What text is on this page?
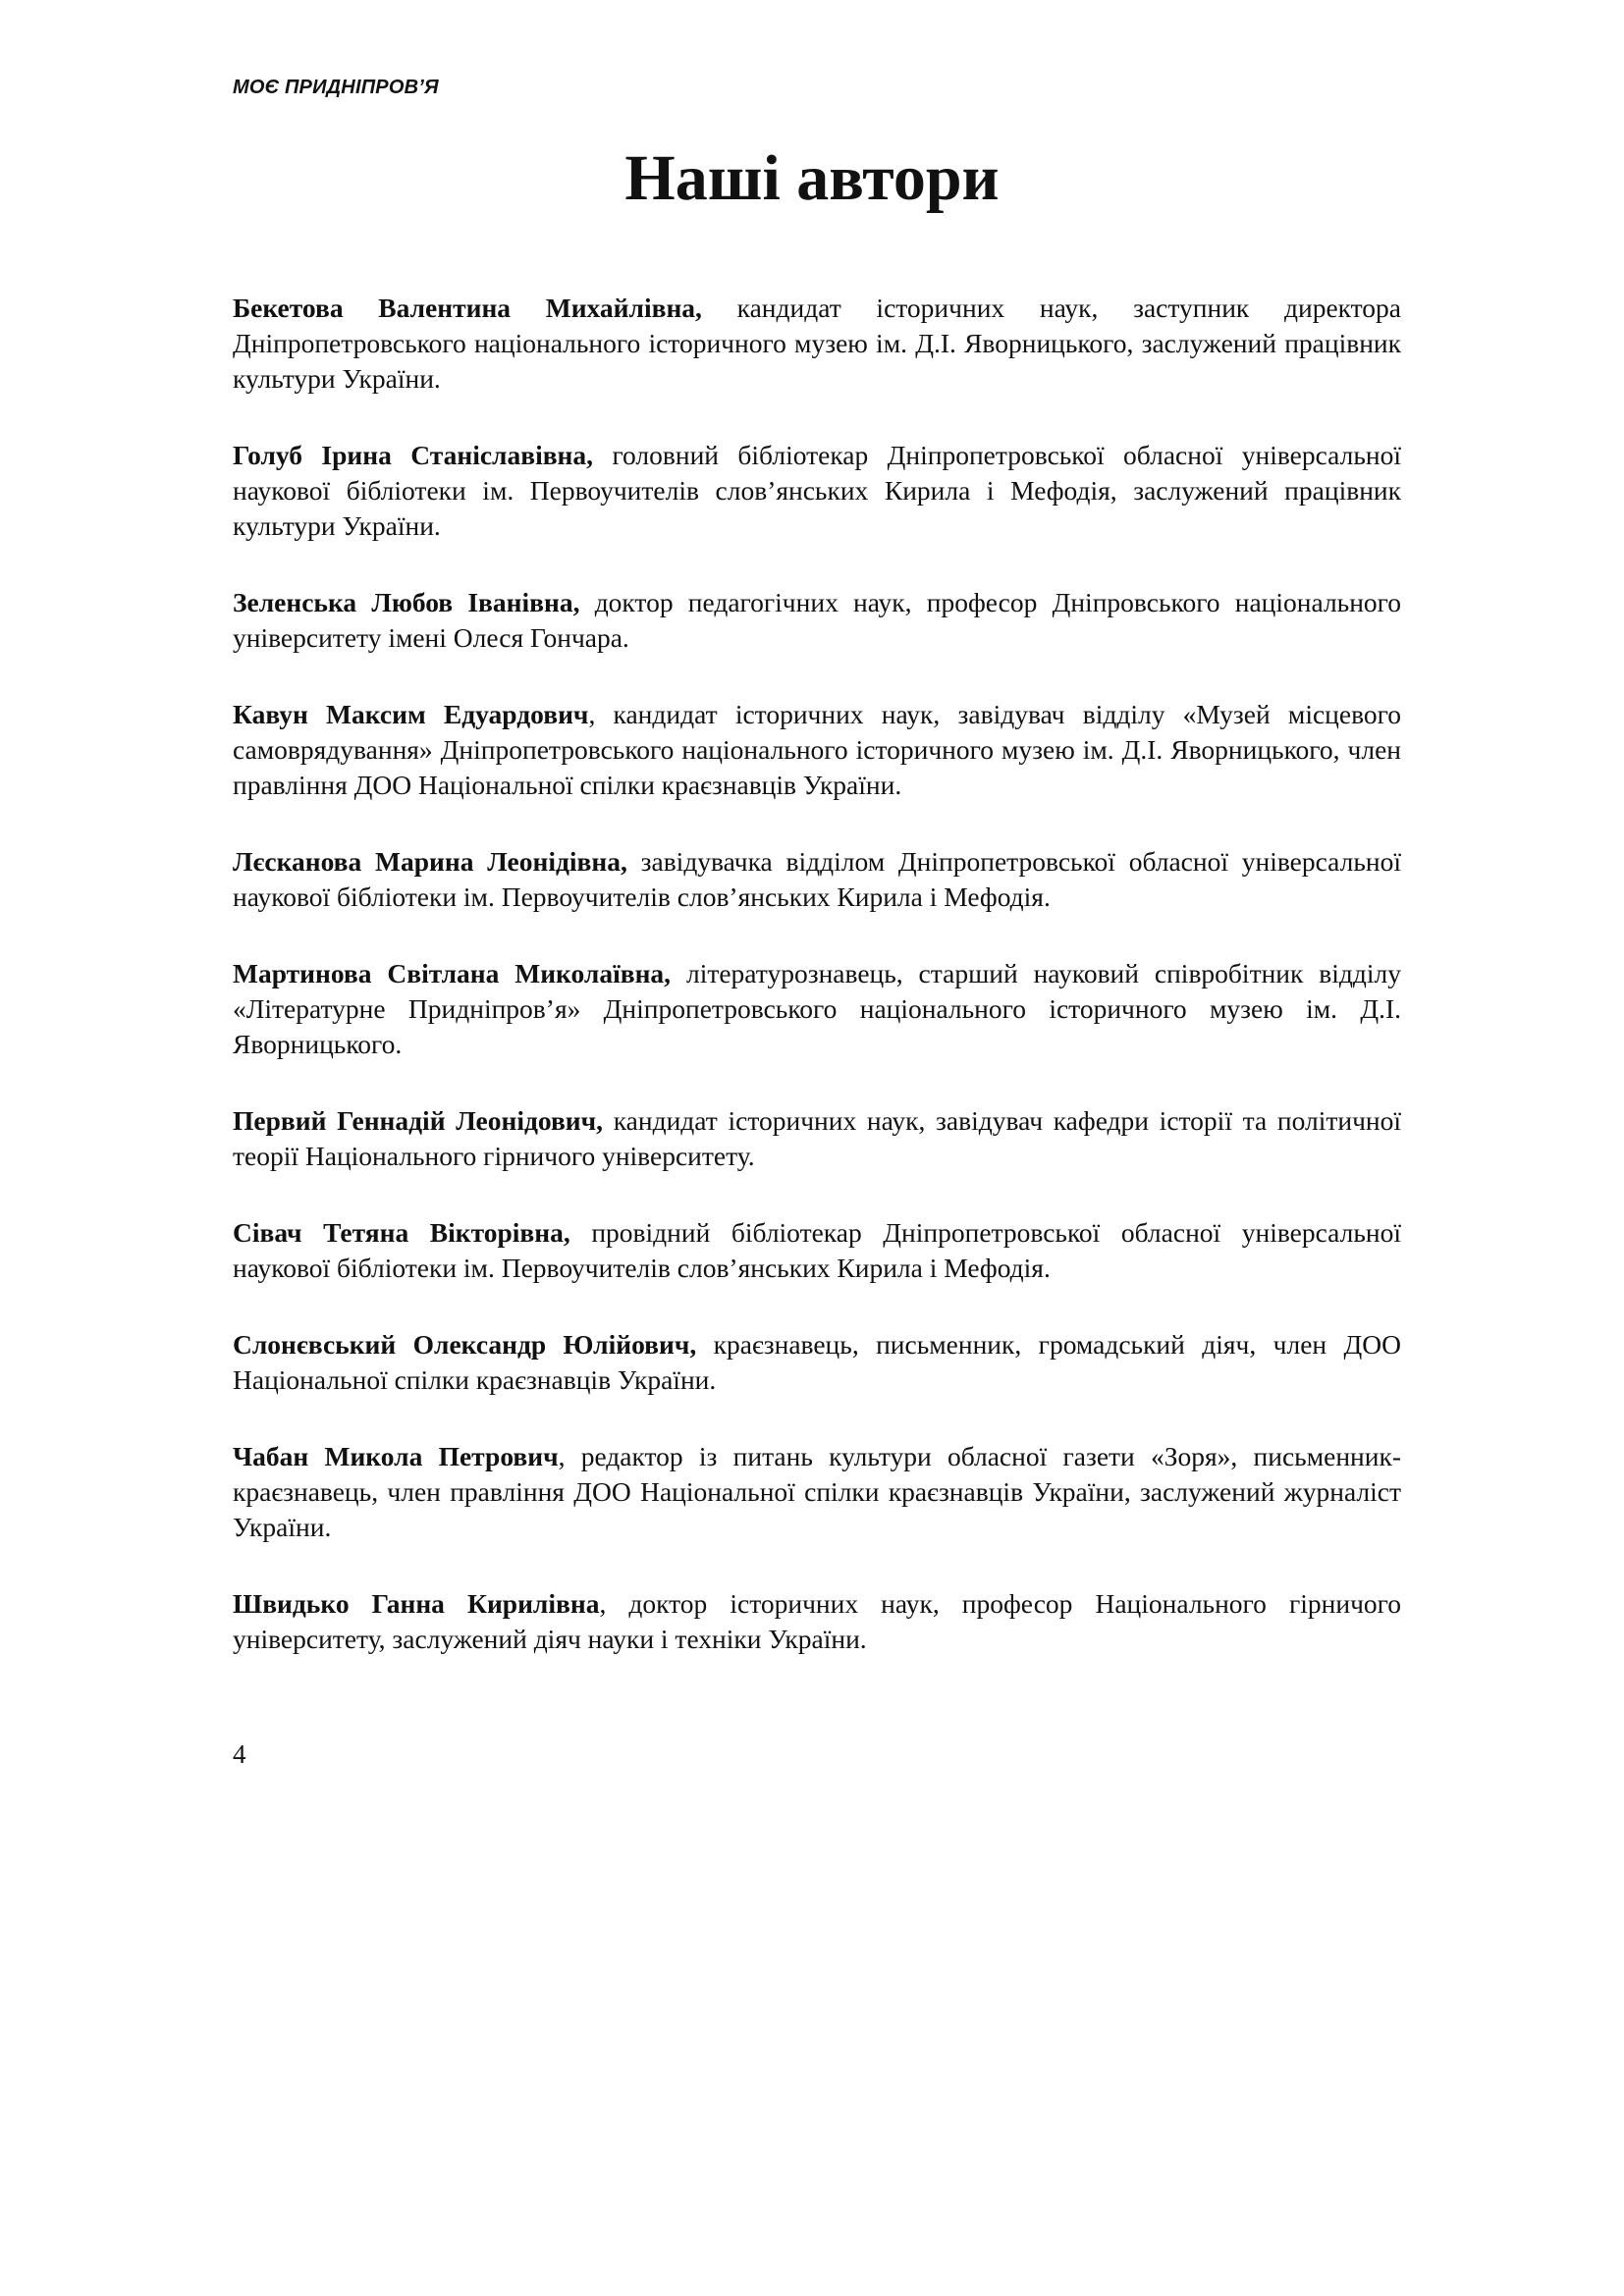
МОЄ ПРИДНІПРОВ’Я
Наші автори

Бекетова Валентина Михайлівна, кандидат історичних наук, заступник директора Дніпропетровського національного історичного музею ім. Д.І. Яворницького, заслужений працівник культури України.

Голуб Ірина Станіславівна, головний бібліотекар Дніпропетровської обласної універсальної наукової бібліотеки ім. Первоучителів слов’янських Кирила і Мефодія, заслужений працівник культури України.

Зеленська Любов Іванівна, доктор педагогічних наук, професор Дніпровського національного університету імені Олеся Гончара.

Кавун Максим Едуардович, кандидат історичних наук, завідувач відділу «Музей місцевого самоврядування» Дніпропетровського національного історичного музею ім. Д.І. Яворницького, член правління ДОО Національної спілки краєзнавців України.

Лєсканова Марина Леонідівна, завідувачка відділом Дніпропетровської обласної універсальної наукової бібліотеки ім. Первоучителів слов’янських Кирила і Мефодія.

Мартинова Світлана Миколаївна, літературознавець, старший науковий співробітник відділу «Літературне Придніпров’я» Дніпропетровського національного історичного музею ім. Д.І. Яворницького.

Первий Геннадій Леонідович, кандидат історичних наук, завідувач кафедри історії та політичної теорії Національного гірничого університету.

Сівач Тетяна Вікторівна, провідний бібліотекар Дніпропетровської обласної універсальної наукової бібліотеки ім. Первоучителів слов’янських Кирила і Мефодія.

Слонєвський Олександр Юлійович, краєзнавець, письменник, громадський діяч, член ДОО Національної спілки краєзнавців України.

Чабан Микола Петрович, редактор із питань культури обласної газети «Зоря», письменник-краєзнавець, член правління ДОО Національної спілки краєзнавців України, заслужений журналіст України.

Швидько Ганна Кирилівна, доктор історичних наук, професор Національного гірничого університету, заслужений діяч науки і техніки України.

4
